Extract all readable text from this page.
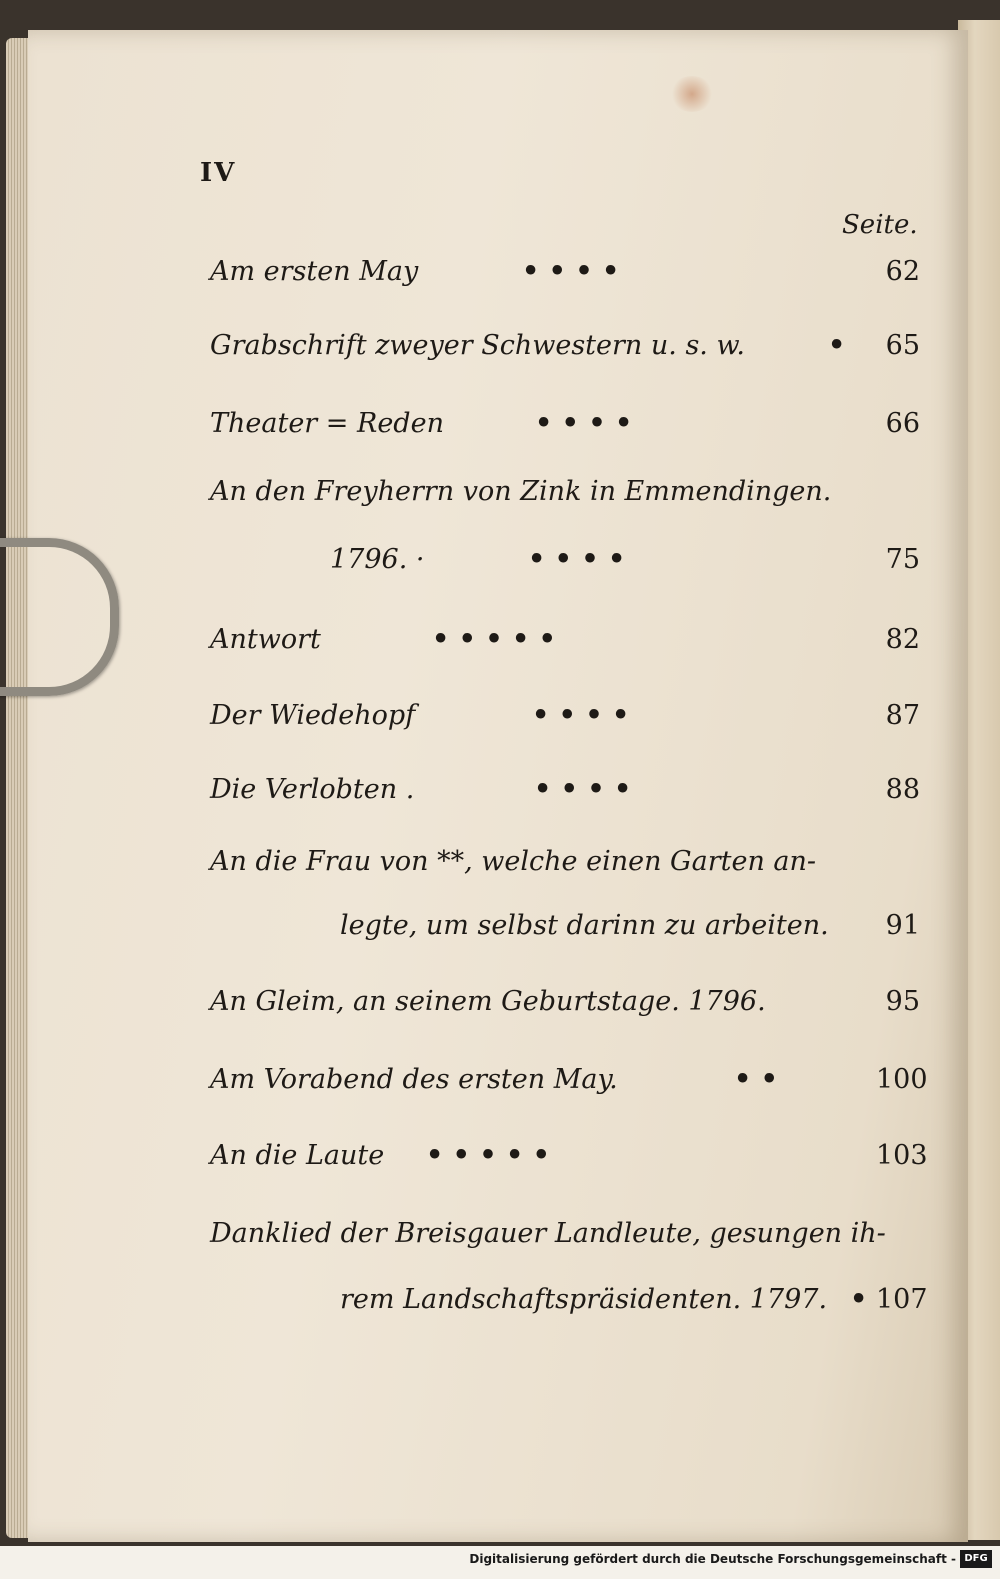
IV
Seite.
Am ersten May	• • • •	62
Grabschrift zweyer Schwestern u. s. w.	•	65
Theater = Reden	• • • •	66
An den Freyherrn von Zink in Emmendingen.
1796. ·	• • • •	75
Antwort	• • • • •	82
Der Wiedehopf	• • • •	87
Die Verlobten .	• • • •	88
An die Frau von **, welche einen Garten an-
legte, um selbst darinn zu arbeiten.	91
An Gleim, an seinem Geburtstage. 1796.	95
Am Vorabend des ersten May.	• •	100
An die Laute • • • • •	103
Danklied der Breisgauer Landleute, gesungen ih-
rem Landschaftspräsidenten. 1797. • 107
Digitalisierung gefördert durch die Deutsche Forschungsgemeinschaft - DFG
